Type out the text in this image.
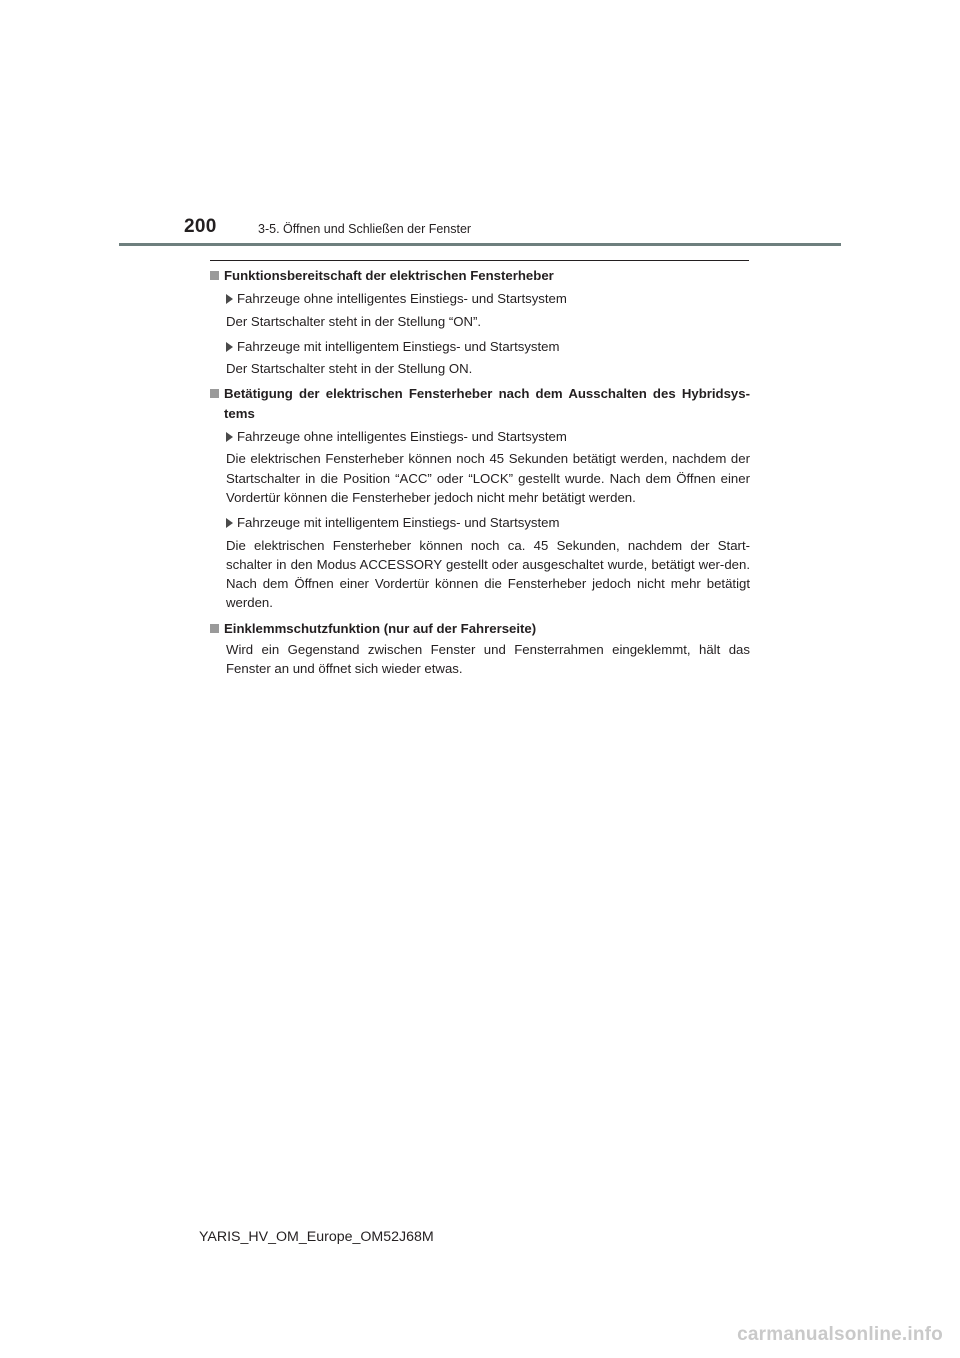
200	3-5. Öffnen und Schließen der Fenster
Funktionsbereitschaft der elektrischen Fensterheber
Fahrzeuge ohne intelligentes Einstiegs- und Startsystem
Der Startschalter steht in der Stellung “ON”.
Fahrzeuge mit intelligentem Einstiegs- und Startsystem
Der Startschalter steht in der Stellung ON.
Betätigung der elektrischen Fensterheber nach dem Ausschalten des Hybridsys-tems
Fahrzeuge ohne intelligentes Einstiegs- und Startsystem
Die elektrischen Fensterheber können noch 45 Sekunden betätigt werden, nachdem der Startschalter in die Position “ACC” oder “LOCK” gestellt wurde. Nach dem Öffnen einer Vordertür können die Fensterheber jedoch nicht mehr betätigt werden.
Fahrzeuge mit intelligentem Einstiegs- und Startsystem
Die elektrischen Fensterheber können noch ca. 45 Sekunden, nachdem der Start-schalter in den Modus ACCESSORY gestellt oder ausgeschaltet wurde, betätigt wer-den. Nach dem Öffnen einer Vordertür können die Fensterheber jedoch nicht mehr betätigt werden.
Einklemmschutzfunktion (nur auf der Fahrerseite)
Wird ein Gegenstand zwischen Fenster und Fensterrahmen eingeklemmt, hält das Fenster an und öffnet sich wieder etwas.
YARIS_HV_OM_Europe_OM52J68M
carmanualsonline.info
